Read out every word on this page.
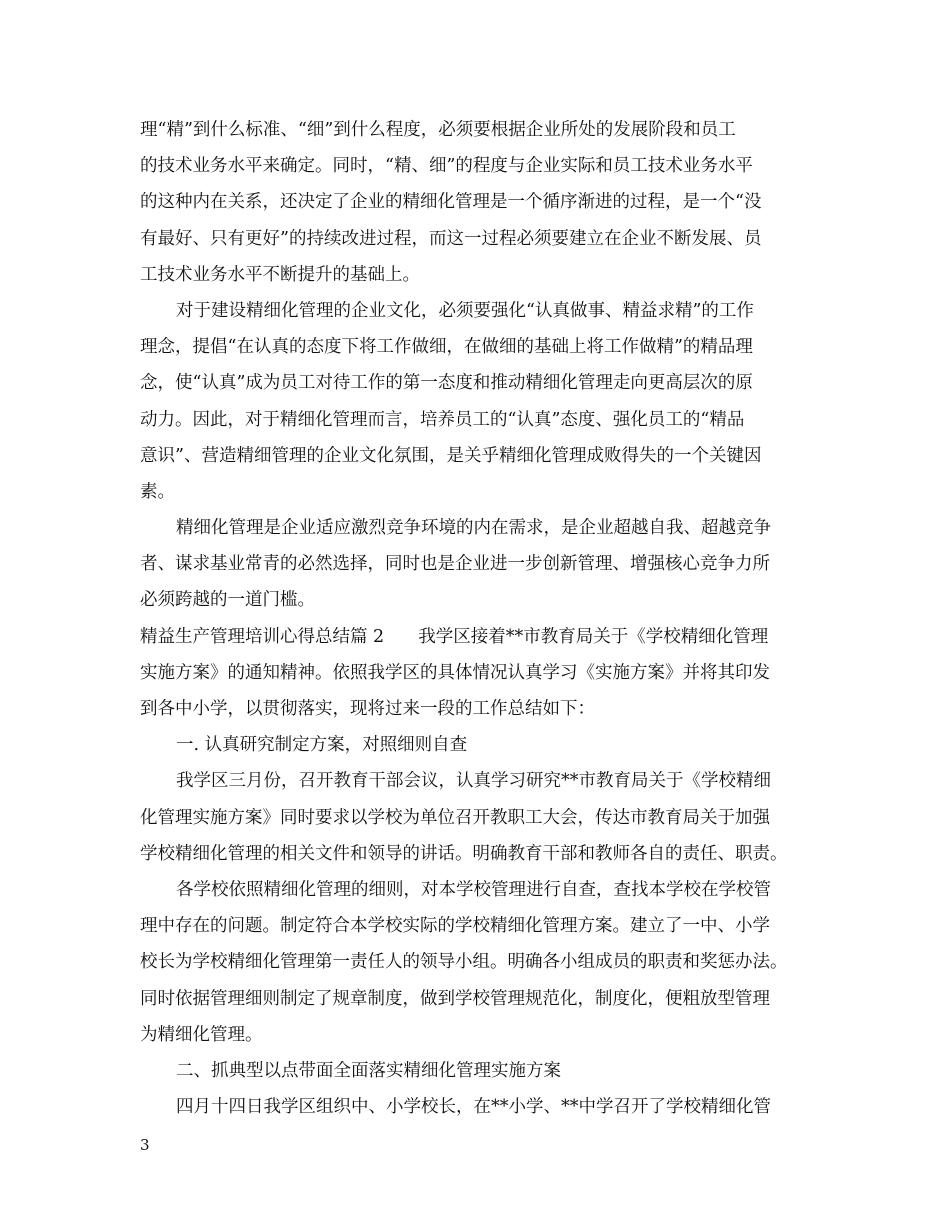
理“精”到什么标准、“细”到什么程度，必须要根据企业所处的发展阶段和员工
的技术业务水平来确定。同时，“精、细”的程度与企业实际和员工技术业务水平
的这种内在关系，还决定了企业的精细化管理是一个循序渐进的过程，是一个“没
有最好、只有更好”的持续改进过程，而这一过程必须要建立在企业不断发展、员
工技术业务水平不断提升的基础上。
对于建设精细化管理的企业文化，必须要强化“认真做事、精益求精”的工作
理念，提倡“在认真的态度下将工作做细，在做细的基础上将工作做精”的精品理
念，使“认真”成为员工对待工作的第一态度和推动精细化管理走向更高层次的原
动力。因此，对于精细化管理而言，培养员工的“认真”态度、强化员工的“精品
意识”、营造精细管理的企业文化氛围，是关乎精细化管理成败得失的一个关键因
素。
精细化管理是企业适应激烈竞争环境的内在需求，是企业超越自我、超越竞争
者、谋求基业常青的必然选择，同时也是企业进一步创新管理、增强核心竞争力所
必须跨越的一道门槛。
精益生产管理培训心得总结篇 2 我学区接着**市教育局关于《学校精细化管理
实施方案》的通知精神。依照我学区的具体情况认真学习《实施方案》并将其印发
到各中小学，以贯彻落实，现将过来一段的工作总结如下：
一. 认真研究制定方案，对照细则自查
我学区三月份，召开教育干部会议，认真学习研究**市教育局关于《学校精细
化管理实施方案》同时要求以学校为单位召开教职工大会，传达市教育局关于加强
学校精细化管理的相关文件和领导的讲话。明确教育干部和教师各自的责任、职责。
各学校依照精细化管理的细则，对本学校管理进行自查，查找本学校在学校管
理中存在的问题。制定符合本学校实际的学校精细化管理方案。建立了一中、小学
校长为学校精细化管理第一责任人的领导小组。明确各小组成员的职责和奖惩办法。
同时依据管理细则制定了规章制度，做到学校管理规范化，制度化，便粗放型管理
为精细化管理。
二、抓典型以点带面全面落实精细化管理实施方案
四月十四日我学区组织中、小学校长，在**小学、**中学召开了学校精细化管
3
